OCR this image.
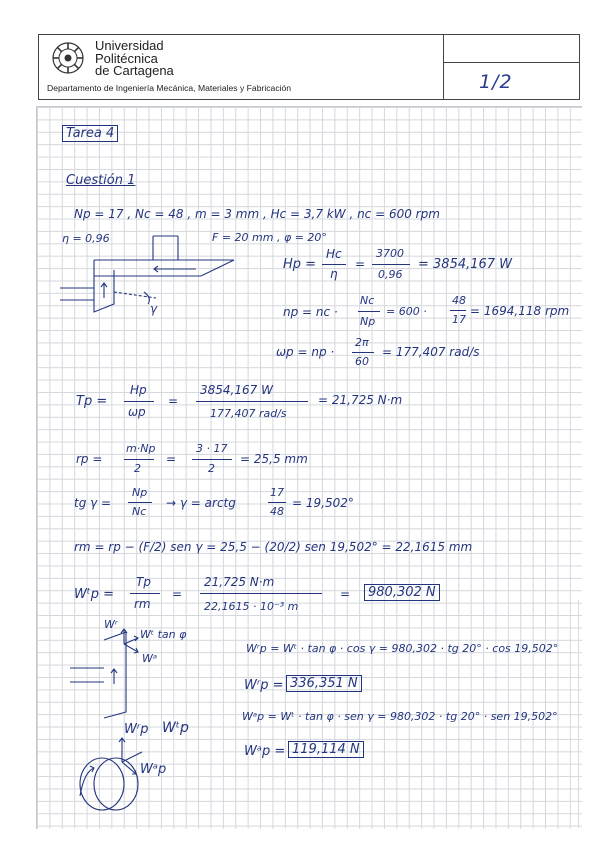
Universidad
Politécnica
de Cartagena
Departamento de Ingeniería Mecánica, Materiales y Fabricación	1/2
Tarea 4
Cuestión 1
Np = 17 , Nc = 48 , m = 3 mm , Hc = 3,7 kW , nc = 600 rpm
η = 0,96	F = 20 mm , φ = 20°
γ
Hp =
Hc
η
=
3700
0,96
= 3854,167 W
np = nc ·
Nc
Np
= 600 ·
48
17
= 1694,118 rpm
ωp = np ·
2π
60
= 177,407 rad/s
Tp =
Hp
ωp
=
3854,167 W
177,407 rad/s
= 21,725 N·m
rp =
m·Np
2
=
3 · 17
2
= 25,5 mm
tg γ =
Np
Nc
→ γ = arctg
17
48
= 19,502°
rm = rp − (F/2) sen γ = 25,5 − (20/2) sen 19,502° = 22,1615 mm
Wᵗp =
Tp
rm
=
21,725 N·m
22,1615 · 10⁻³ m
=	980,302 N
Wʳ
Wᵗ tan φ
Wᵃ
Wʳp = Wᵗ · tan φ · cos γ = 980,302 · tg 20° · cos 19,502°
Wʳp = 336,351 N
Wᵃp = Wᵗ · tan φ · sen γ = 980,302 · tg 20° · sen 19,502°
Wᵃp = 119,114 N
Wʳp Wᵗp
Wᵃp
